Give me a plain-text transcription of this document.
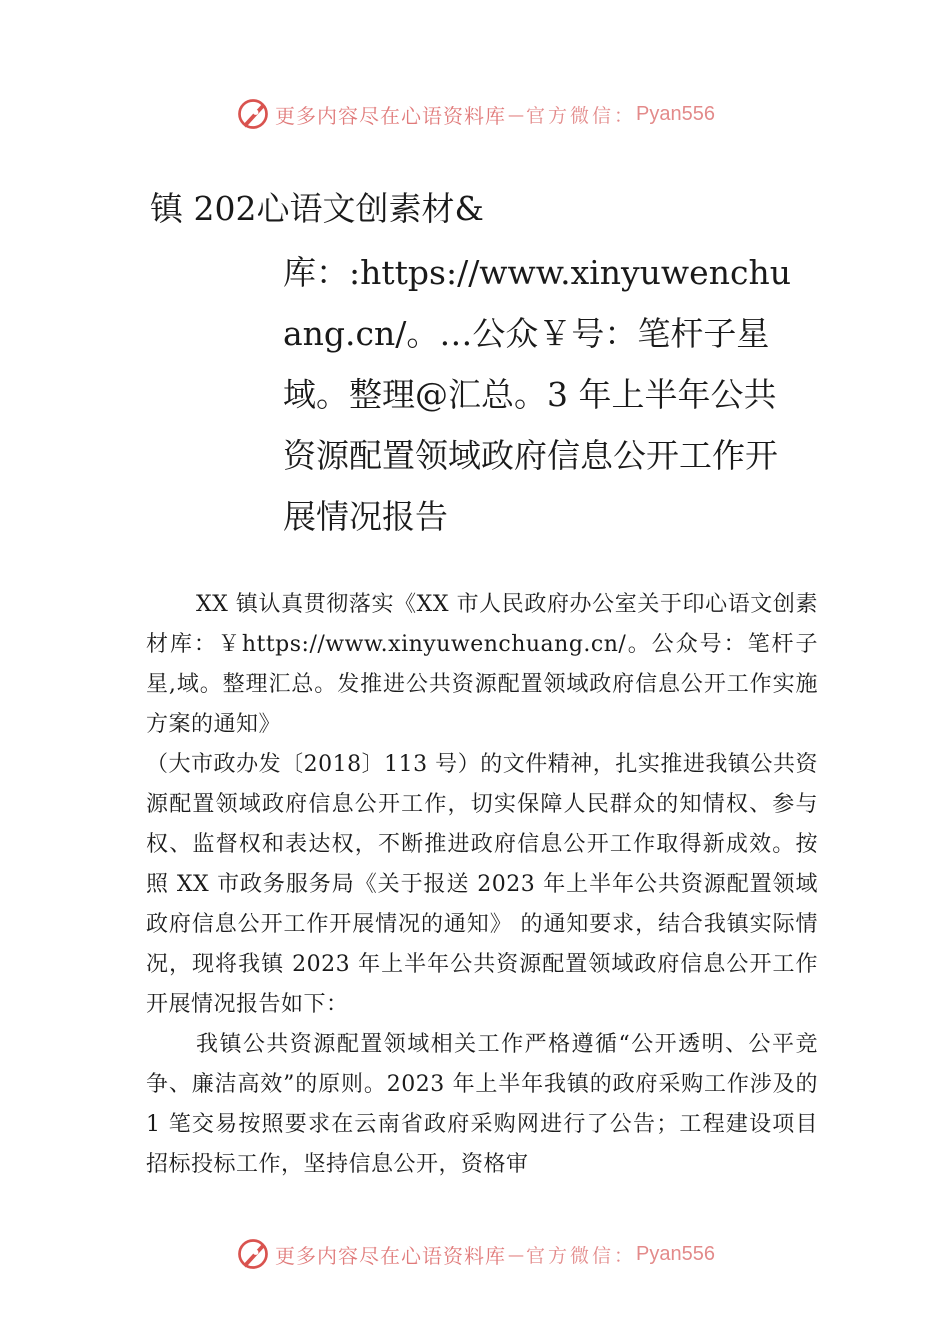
更多内容尽在心语资料库 — 官方微信： Pyan556
镇 202心语文创素材&
库：:https://www.xinyuwenchuang.cn/。…公众￥号：笔杆子星域。整理@汇总。3 年上半年公共资源配置领域政府信息公开工作开展情况报告

XX 镇认真贯彻落实《XX 市人民政府办公室关于印心语文创素材库：￥https://www.xinyuwenchuang.cn/。公众号：笔杆子星,域。整理汇总。发推进公共资源配置领域政府信息公开工作实施方案的通知》

（大市政办发〔2018〕113 号）的文件精神，扎实推进我镇公共资源配置领域政府信息公开工作，切实保障人民群众的知情权、参与权、监督权和表达权，不断推进政府信息公开工作取得新成效。按照 XX 市政务服务局《关于报送 2023 年上半年公共资源配置领域政府信息公开工作开展情况的通知》 的通知要求，结合我镇实际情况，现将我镇 2023 年上半年公共资源配置领域政府信息公开工作开展情况报告如下：

我镇公共资源配置领域相关工作严格遵循“公开透明、公平竞争、廉洁高效”的原则。2023 年上半年我镇的政府采购工作涉及的 1 笔交易按照要求在云南省政府采购网进行了公告；工程建设项目招标投标工作，坚持信息公开，资格审

更多内容尽在心语资料库 — 官方微信： Pyan556
